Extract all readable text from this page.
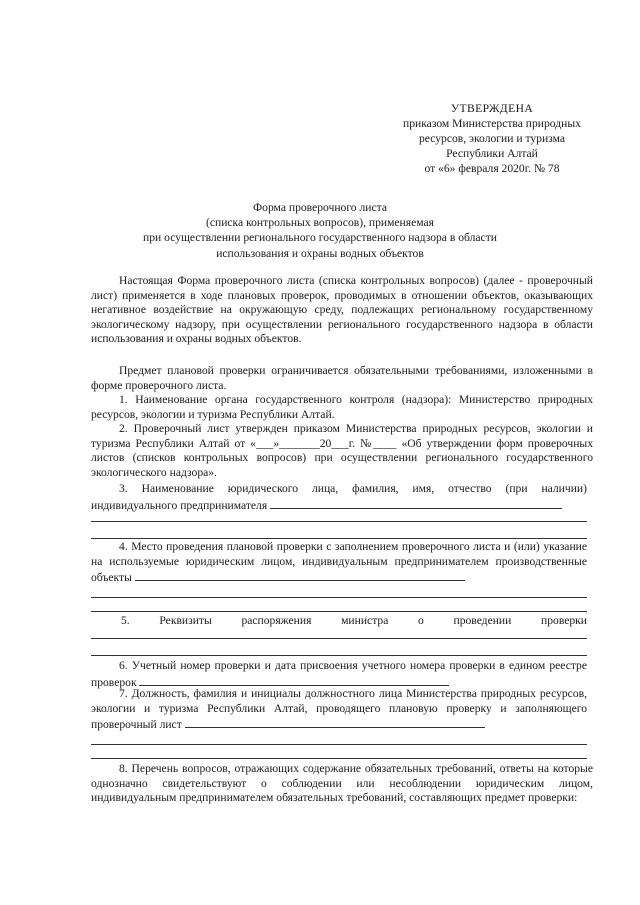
УТВЕРЖДЕНА
приказом Министерства природных
ресурсов, экологии и туризма
Республики Алтай
от «6» февраля 2020г. № 78
Форма проверочного листа
(списка контрольных вопросов), применяемая
при осуществлении регионального государственного надзора в области
использования и охраны водных объектов

Настоящая Форма проверочного листа (списка контрольных вопросов) (далее - проверочный лист) применяется в ходе плановых проверок, проводимых в отношении объектов, оказывающих негативное воздействие на окружающую среду, подлежащих региональному государственному экологическому надзору, при осуществлении регионального государственного надзора в области использования и охраны водных объектов.

Предмет плановой проверки ограничивается обязательными требованиями, изложенными в форме проверочного листа.

1. Наименование органа государственного контроля (надзора): Министерство природных ресурсов, экологии и туризма Республики Алтай.

2. Проверочный лист утвержден приказом Министерства природных ресурсов, экологии и туризма Республики Алтай от «___»_______20___г. №____ «Об утверждении форм проверочных листов (списков контрольных вопросов) при осуществлении регионального государственного экологического надзора».

3. Наименование юридического лица, фамилия, имя, отчество (при наличии) индивидуального предпринимателя

4. Место проведения плановой проверки с заполнением проверочного листа и (или) указание на используемые юридическим лицом, индивидуальным предпринимателем производственные объекты

5.	Реквизиты	распоряжения	министра	о	проведении	проверки

6. Учетный номер проверки и дата присвоения учетного номера проверки в едином реестре проверок

7. Должность, фамилия и инициалы должностного лица Министерства природных ресурсов, экологии и туризма Республики Алтай, проводящего плановую проверку и заполняющего проверочный лист

8. Перечень вопросов, отражающих содержание обязательных требований, ответы на которые однозначно свидетельствуют о соблюдении или несоблюдении юридическим лицом, индивидуальным предпринимателем обязательных требований, составляющих предмет проверки:
